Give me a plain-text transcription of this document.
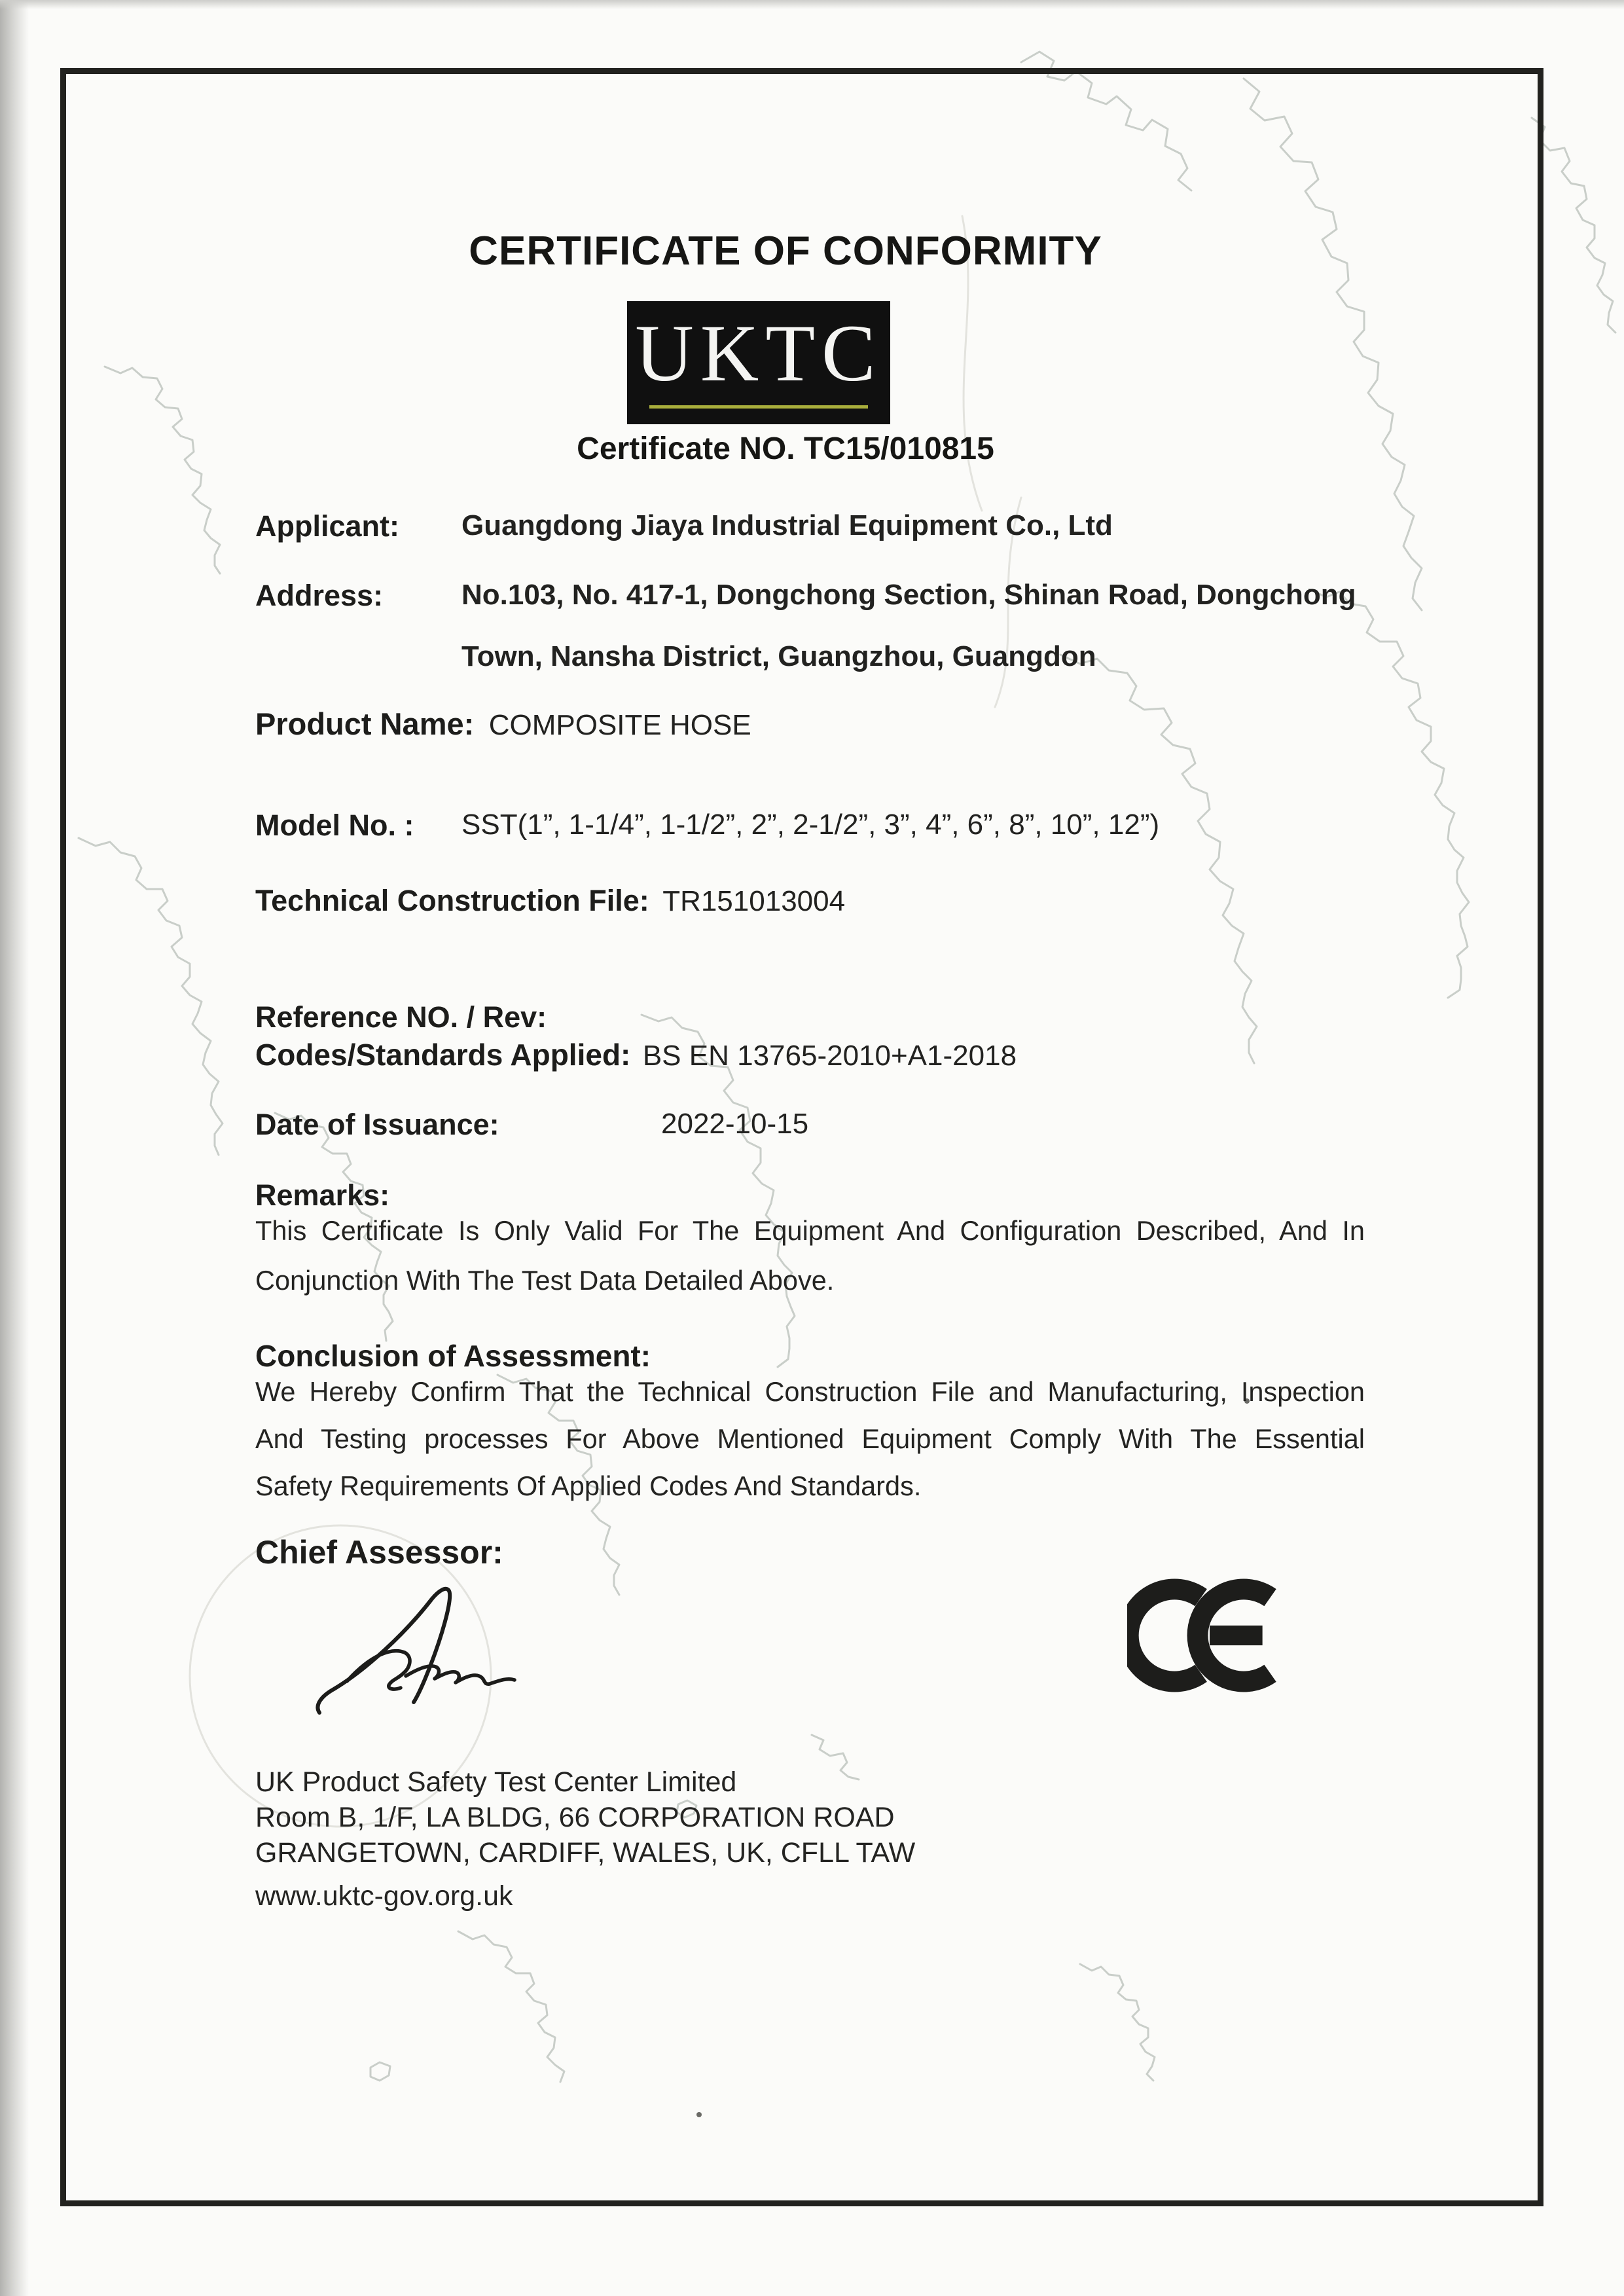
CERTIFICATE OF CONFORMITY
UKTC
Certificate NO. TC15/010815
Applicant: Guangdong Jiaya Industrial Equipment Co., Ltd
Address:	No.103, No. 417-1, Dongchong Section, Shinan Road, Dongchong
Town, Nansha District, Guangzhou, Guangdon
Product Name: COMPOSITE HOSE
Model No. : SST(1”, 1-1/4”, 1-1/2”, 2”, 2-1/2”, 3”, 4”, 6”, 8”, 10”, 12”)
Technical Construction File: TR151013004
Reference NO. / Rev:
Codes/Standards Applied: BS EN 13765-2010+A1-2018
Date of Issuance:	2022-10-15
Remarks:
This Certificate Is Only Valid For The Equipment And Configuration Described, And In
Conjunction With The Test Data Detailed Above.
Conclusion of Assessment:
We Hereby Confirm That the Technical Construction File and Manufacturing, Inspection
And Testing processes For Above Mentioned Equipment Comply With The Essential
Safety Requirements Of Applied Codes And Standards.
Chief Assessor:
UK Product Safety Test Center Limited
Room B, 1/F, LA BLDG, 66 CORPORATION ROAD
GRANGETOWN, CARDIFF, WALES, UK, CFLL TAW
www.uktc-gov.org.uk
